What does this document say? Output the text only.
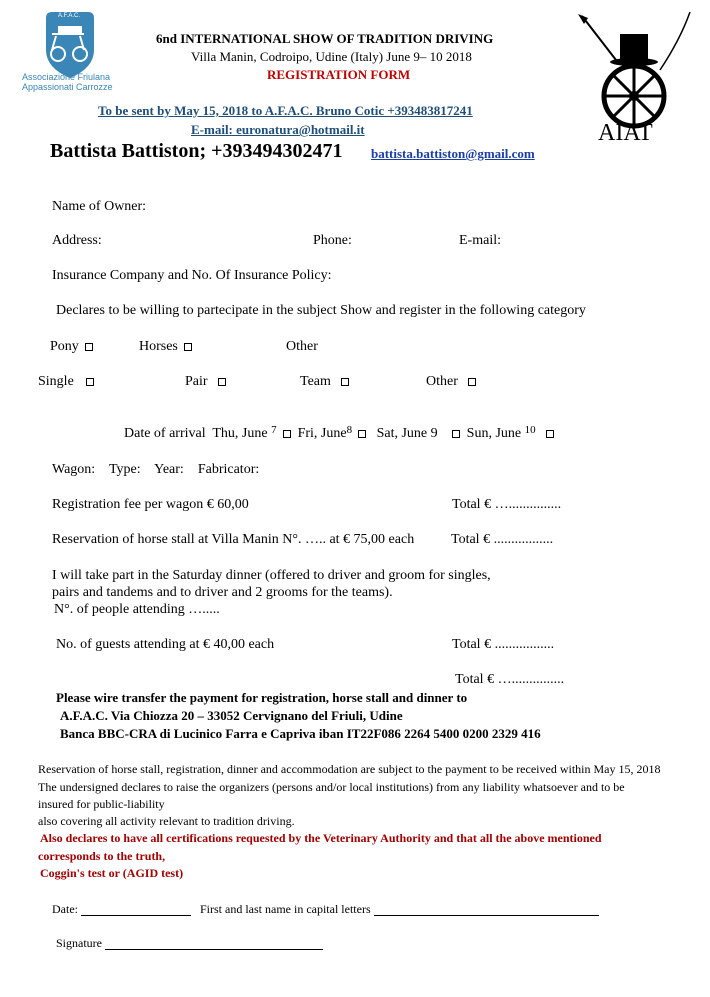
A.F.A.C.
Associazione Friulana
Appassionati Carrozze
AIAT
6nd INTERNATIONAL SHOW OF TRADITION DRIVING
Villa Manin, Codroipo, Udine (Italy) June 9– 10 2018
REGISTRATION FORM
To be sent by May 15, 2018 to A.F.A.C. Bruno Cotic +393483817241
E-mail: euronatura@hotmail.it
Battista Battiston; +393494302471 battista.battiston@gmail.com
Name of Owner:
Address:	Phone:	E-mail:
Insurance Company and No. Of Insurance Policy:
Declares to be willing to partecipate in the subject Show and register in the following category
Pony	Horses	Other
Single	Pair	Team	Other
Date of arrival Thu, June $^7$ Fri, June$^8$ Sat, June 9 Sun, June $^{10}$
Wagon: Type: Year: Fabricator:
Registration fee per wagon € 60,00	Total € …...............
Reservation of horse stall at Villa Manin N°. ….. at € 75,00 each	Total € .................
I will take part in the Saturday dinner (offered to driver and groom for singles,
pairs and tandems and to driver and 2 grooms for the teams).
N°. of people attending ….....
No. of guests attending at € 40,00 each	Total € .................
Total € …...............
Please wire transfer the payment for registration, horse stall and dinner to
A.F.A.C. Via Chiozza 20 – 33052 Cervignano del Friuli, Udine
Banca BBC-CRA di Lucinico Farra e Capriva iban IT22F086 2264 5400 0200 2329 416
Reservation of horse stall, registration, dinner and accommodation are subject to the payment to be received within May 15, 2018
The undersigned declares to raise the organizers (persons and/or local institutions) from any liability whatsoever and to be
insured for public-liability
also covering all activity relevant to tradition driving.
Also declares to have all certifications requested by the Veterinary Authority and that all the above mentioned
corresponds to the truth,
Coggin's test or (AGID test)
Date:	First and last name in capital letters
Signature
